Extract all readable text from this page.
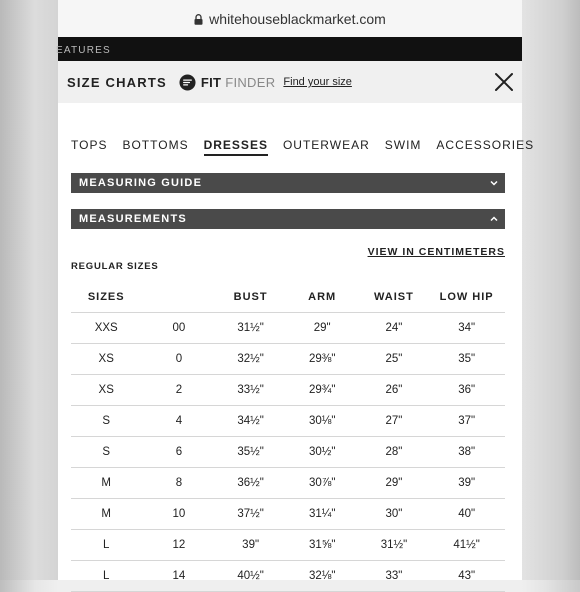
whitehouseblackmarket.com
EATURES
SIZE CHARTS	FIT FINDER Find your size
TOPS BOTTOMS DRESSES OUTERWEAR SWIM ACCESSORIES
MEASURING GUIDE
MEASUREMENTS
VIEW IN CENTIMETERS
REGULAR SIZES
SIZES		BUST	ARM	WAIST	LOW HIP
XXS	00	31½"	29"	24"	34"
XS	0	32½"	29⅜"	25"	35"
XS	2	33½"	29¾"	26"	36"
S	4	34½"	30⅛"	27"	37"
S	6	35½"	30½"	28"	38"
M	8	36½"	30⅞"	29"	39"
M	10	37½"	31¼"	30"	40"
L	12	39"	31⅝"	31½"	41½"
L	14	40½"	32⅛"	33"	43"
